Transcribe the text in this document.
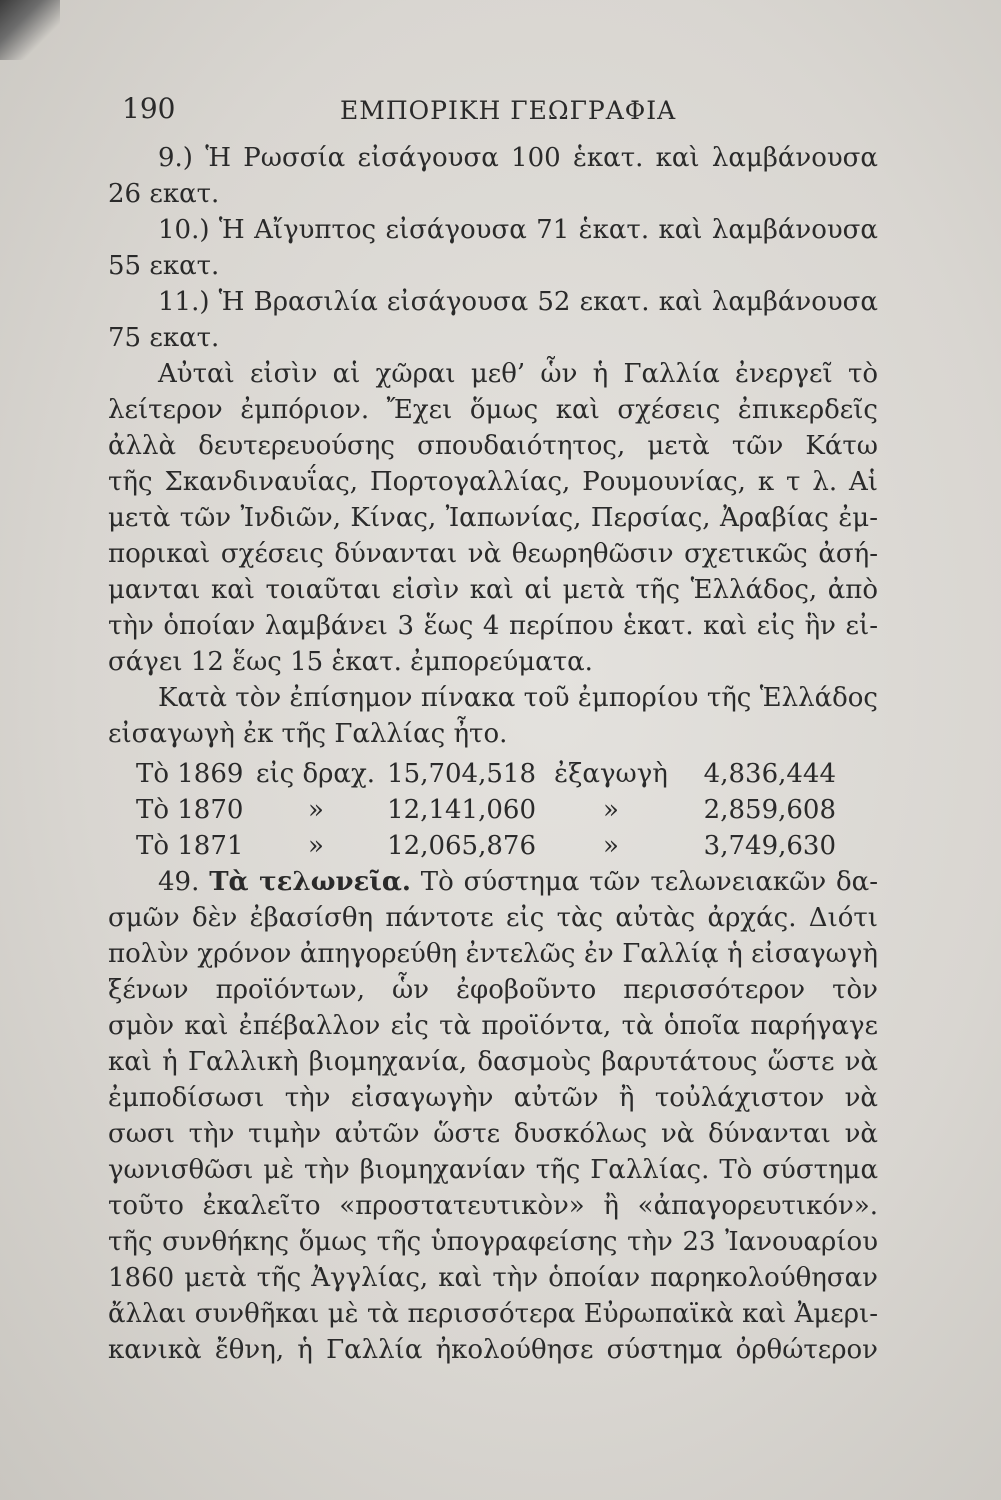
190	ΕΜΠΟΡΙΚΗ ΓΕΩΓΡΑΦΙΑ
9.) Ἡ Ρωσσία εἰσάγουσα 100 ἑκατ. καὶ λαμβάνουσα
26 εκατ.
10.) Ἡ Αἴγυπτος εἰσάγουσα 71 ἑκατ. καὶ λαμβάνουσα
55 εκατ.
11.) Ἡ Βρασιλία εἰσάγουσα 52 εκατ. καὶ λαμβάνουσα
75 εκατ.
Αὐταὶ εἰσὶν αἱ χῶραι μεθ’ ὧν ἡ Γαλλία ἐνεργεῖ τὸ
λείτερον ἐμπόριον. Ἔχει ὅμως καὶ σχέσεις ἐπικερδεῖς
ἀλλὰ δευτερευούσης σπουδαιότητος, μετὰ τῶν Κάτω
τῆς Σκανδιναυΐας, Πορτογαλλίας, Ρουμουνίας, κ τ λ. Αἱ
μετὰ τῶν Ἰνδιῶν, Κίνας, Ἰαπωνίας, Περσίας, Ἀραβίας ἐμ-
πορικαὶ σχέσεις δύνανται νὰ θεωρηθῶσιν σχετικῶς ἀσή-
μανται καὶ τοιαῦται εἰσὶν καὶ αἱ μετὰ τῆς Ἑλλάδος, ἀπὸ
τὴν ὁποίαν λαμβάνει 3 ἕως 4 περίπου ἑκατ. καὶ εἰς ἣν εἰ-
σάγει 12 ἕως 15 ἑκατ. ἐμπορεύματα.
Κατὰ τὸν ἐπίσημον πίνακα τοῦ ἐμπορίου τῆς Ἑλλάδος
εἰσαγωγὴ ἐκ τῆς Γαλλίας ἦτο.
Τὸ 1869 εἰς δραχ. 15,704,518 ἐξαγωγὴ	4,836,444
Τὸ 1870	»	12,141,060	»	2,859,608
Τὸ 1871	»	12,065,876	»	3,749,630
49. Τὰ τελωνεῖα. Τὸ σύστημα τῶν τελωνειακῶν δα-
σμῶν δὲν ἐβασίσθη πάντοτε εἰς τὰς αὐτὰς ἀρχάς. Διότι
πολὺν χρόνον ἀπηγορεύθη ἐντελῶς ἐν Γαλλίᾳ ἡ εἰσαγωγὴ
ξένων προϊόντων, ὧν ἐφοβοῦντο περισσότερον τὸν
σμὸν καὶ ἐπέβαλλον εἰς τὰ προϊόντα, τὰ ὁποῖα παρήγαγε
καὶ ἡ Γαλλικὴ βιομηχανία, δασμοὺς βαρυτάτους ὥστε νὰ
ἐμποδίσωσι τὴν εἰσαγωγὴν αὐτῶν ἢ τοὐλάχιστον νὰ
σωσι τὴν τιμὴν αὐτῶν ὥστε δυσκόλως νὰ δύνανται νὰ
γωνισθῶσι μὲ τὴν βιομηχανίαν τῆς Γαλλίας. Τὸ σύστημα
τοῦτο ἐκαλεῖτο «προστατευτικὸν» ἢ «ἀπαγορευτικόν».
τῆς συνθήκης ὅμως τῆς ὑπογραφείσης τὴν 23 Ἰανουαρίου
1860 μετὰ τῆς Ἀγγλίας, καὶ τὴν ὁποίαν παρηκολούθησαν
ἄλλαι συνθῆκαι μὲ τὰ περισσότερα Εὐρωπαϊκὰ καὶ Ἀμερι-
κανικὰ ἔθνη, ἡ Γαλλία ἠκολούθησε σύστημα ὀρθώτερον
